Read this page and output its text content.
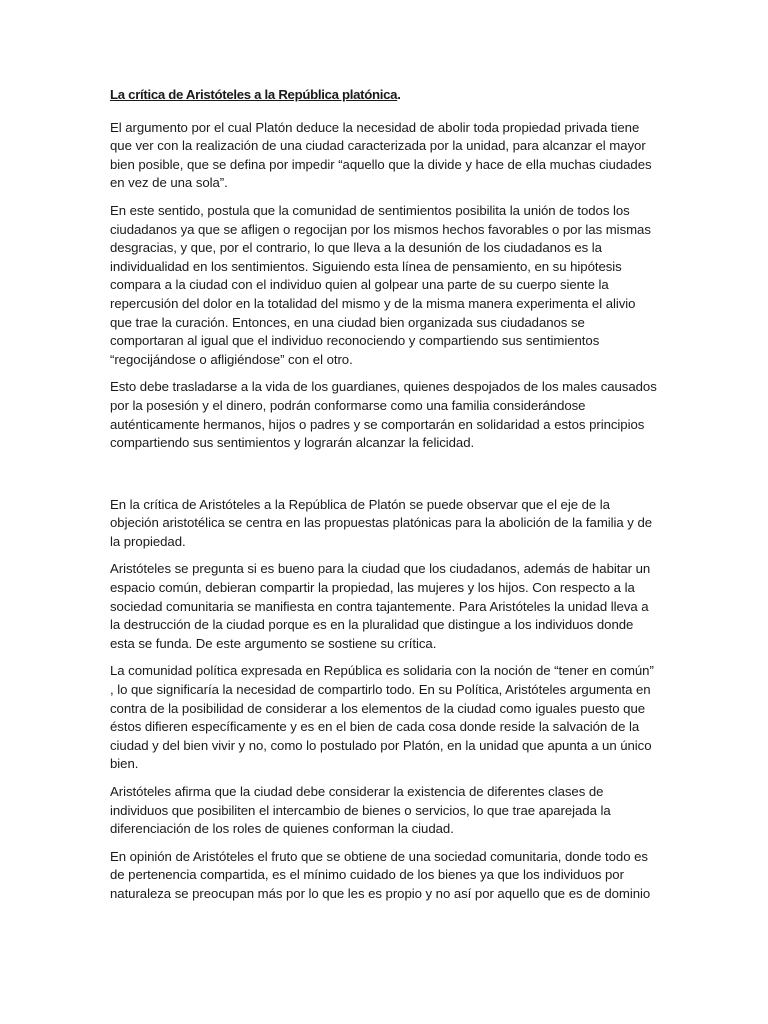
La crítica de Aristóteles a la República platónica.

El argumento por el cual Platón deduce la necesidad de abolir toda propiedad privada tiene que ver con la realización de una ciudad caracterizada por la unidad, para alcanzar el mayor bien posible, que se defina por impedir “aquello que la divide y hace de ella muchas ciudades en vez de una sola”.

En este sentido, postula que la comunidad de sentimientos posibilita la unión de todos los ciudadanos ya que se afligen o regocijan por los mismos hechos favorables o por las mismas desgracias, y que, por el contrario, lo que lleva a la desunión de los ciudadanos es la individualidad en los sentimientos. Siguiendo esta línea de pensamiento, en su hipótesis compara a la ciudad con el individuo quien al golpear una parte de su cuerpo siente la repercusión del dolor en la totalidad del mismo y de la misma manera experimenta el alivio que trae la curación. Entonces, en una ciudad bien organizada sus ciudadanos se comportaran al igual que el individuo reconociendo y compartiendo sus sentimientos “regocijándose o afligiéndose” con el otro.

Esto debe trasladarse a la vida de los guardianes, quienes despojados de los males causados por la posesión y el dinero, podrán conformarse como una familia considerándose auténticamente hermanos, hijos o padres y se comportarán en solidaridad a estos principios compartiendo sus sentimientos y lograrán alcanzar la felicidad.

En la crítica de Aristóteles a la República de Platón se puede observar que el eje de la objeción aristotélica se centra en las propuestas platónicas para la abolición de la familia y de la propiedad.

Aristóteles se pregunta si es bueno para la ciudad que los ciudadanos, además de habitar un espacio común, debieran compartir la propiedad, las mujeres y los hijos. Con respecto a la sociedad comunitaria se manifiesta en contra tajantemente. Para Aristóteles la unidad lleva a la destrucción de la ciudad porque es en la pluralidad que distingue a los individuos donde esta se funda. De este argumento se sostiene su crítica.

La comunidad política expresada en República es solidaria con la noción de “tener en común” , lo que significaría la necesidad de compartirlo todo. En su Política, Aristóteles argumenta en contra de la posibilidad de considerar a los elementos de la ciudad como iguales puesto que éstos difieren específicamente y es en el bien de cada cosa donde reside la salvación de la ciudad y del bien vivir y no, como lo postulado por Platón, en la unidad que apunta a un único bien.

Aristóteles afirma que la ciudad debe considerar la existencia de diferentes clases de individuos que posibiliten el intercambio de bienes o servicios, lo que trae aparejada la diferenciación de los roles de quienes conforman la ciudad.

En opinión de Aristóteles el fruto que se obtiene de una sociedad comunitaria, donde todo es de pertenencia compartida, es el mínimo cuidado de los bienes ya que los individuos por naturaleza se preocupan más por lo que les es propio y no así por aquello que es de dominio
